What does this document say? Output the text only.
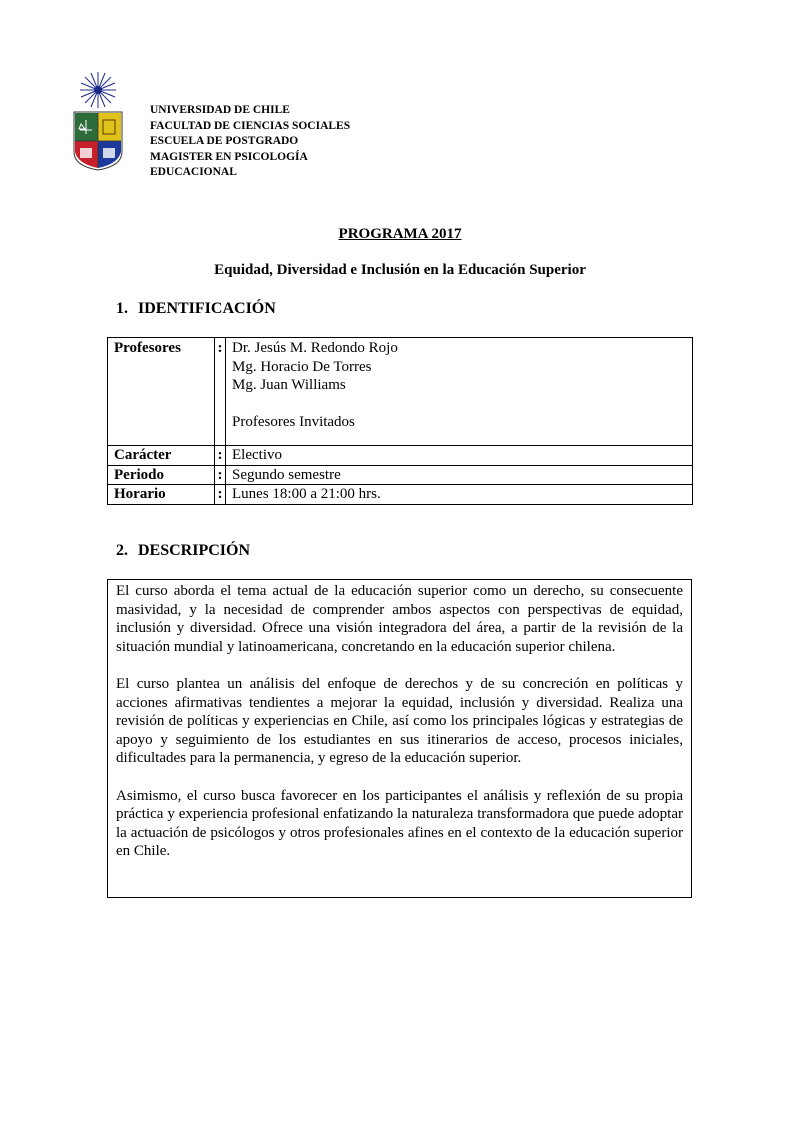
UNIVERSIDAD DE CHILE
FACULTAD DE CIENCIAS SOCIALES
ESCUELA DE POSTGRADO
MAGISTER EN PSICOLOGÍA
EDUCACIONAL
PROGRAMA 2017
Equidad, Diversidad e Inclusión en la Educación Superior
1. IDENTIFICACIÓN
Profesores	:	Dr. Jesús M. Redondo Rojo
Mg. Horacio De Torres
Mg. Juan Williams
Profesores Invitados

Carácter	:	Electivo
Periodo	:	Segundo semestre
Horario	:	Lunes 18:00 a 21:00 hrs.
2. DESCRIPCIÓN

El curso aborda el tema actual de la educación superior como un derecho, su consecuente masividad, y la necesidad de comprender ambos aspectos con perspectivas de equidad, inclusión y diversidad. Ofrece una visión integradora del área, a partir de la revisión de la situación mundial y latinoamericana, concretando en la educación superior chilena.

El curso plantea un análisis del enfoque de derechos y de su concreción en políticas y acciones afirmativas tendientes a mejorar la equidad, inclusión y diversidad. Realiza una revisión de políticas y experiencias en Chile, así como los principales lógicas y estrategias de apoyo y seguimiento de los estudiantes en sus itinerarios de acceso, procesos iniciales, dificultades para la permanencia, y egreso de la educación superior.

Asimismo, el curso busca favorecer en los participantes el análisis y reflexión de su propia práctica y experiencia profesional enfatizando la naturaleza transformadora que puede adoptar la actuación de psicólogos y otros profesionales afines en el contexto de la educación superior en Chile.
